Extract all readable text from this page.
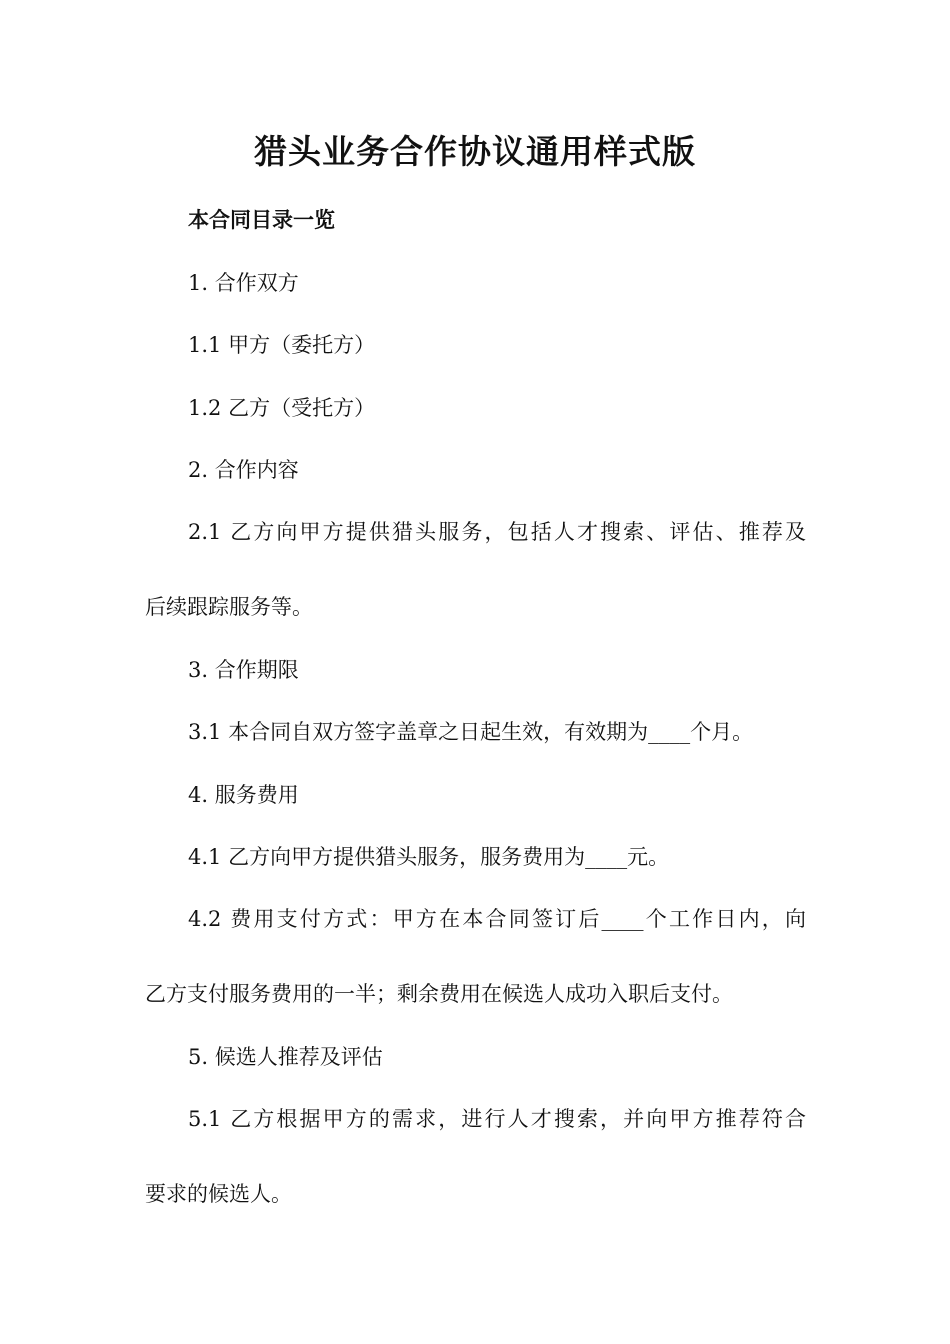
猎头业务合作协议通用样式版
本合同目录一览
1. 合作双方
1.1 甲方（委托方）
1.2 乙方（受托方）
2. 合作内容
2.1 乙方向甲方提供猎头服务，包括人才搜索、评估、推荐及
后续跟踪服务等。
3. 合作期限
3.1 本合同自双方签字盖章之日起生效，有效期为____个月。
4. 服务费用
4.1 乙方向甲方提供猎头服务，服务费用为____元。
4.2 费用支付方式：甲方在本合同签订后____个工作日内，向
乙方支付服务费用的一半；剩余费用在候选人成功入职后支付。
5. 候选人推荐及评估
5.1 乙方根据甲方的需求，进行人才搜索，并向甲方推荐符合
要求的候选人。
